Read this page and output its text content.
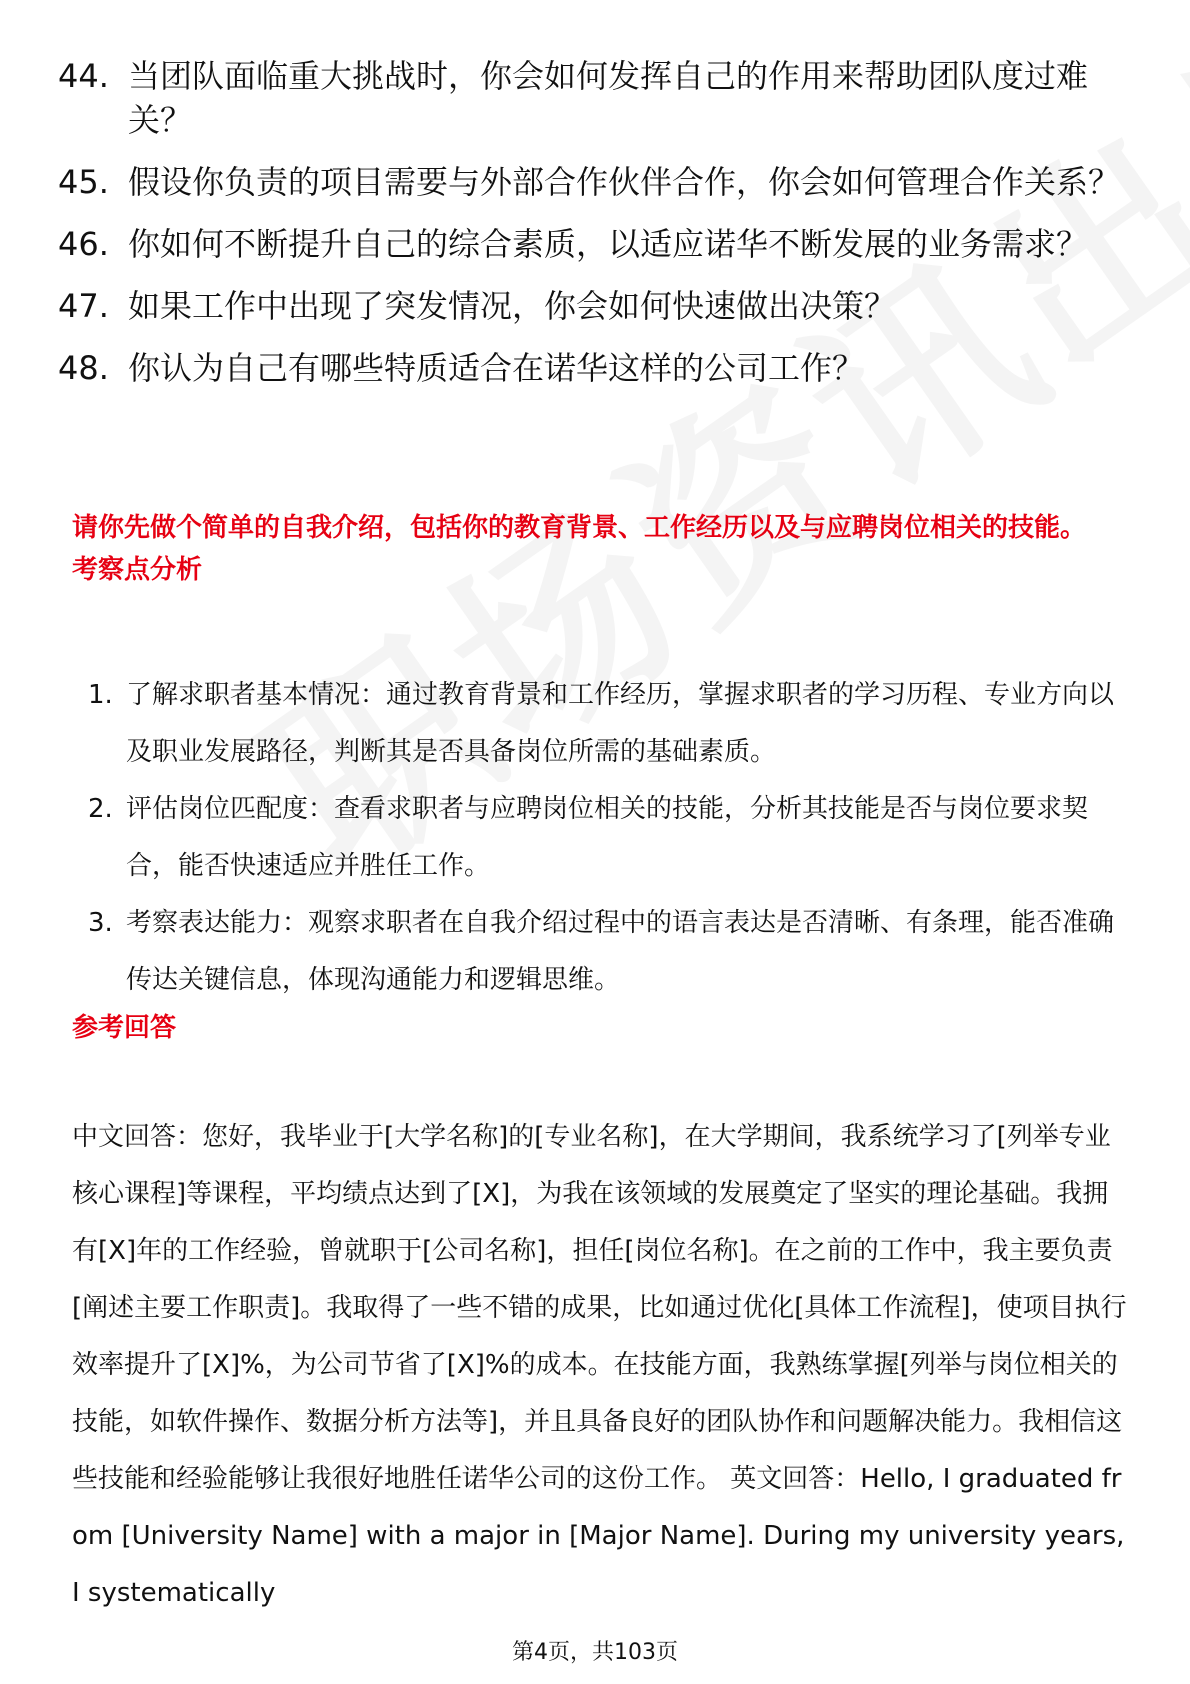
44. 当团队面临重大挑战时，你会如何发挥自己的作用来帮助团队度过难关？
45. 假设你负责的项目需要与外部合作伙伴合作，你会如何管理合作关系？
46. 你如何不断提升自己的综合素质，以适应诺华不断发展的业务需求？
47. 如果工作中出现了突发情况，你会如何快速做出决策？
48. 你认为自己有哪些特质适合在诺华这样的公司工作？
请你先做个简单的自我介绍，包括你的教育背景、工作经历以及与应聘岗位相关的技能。
考察点分析
1. 了解求职者基本情况：通过教育背景和工作经历，掌握求职者的学习历程、专业方向以及职业发展路径，判断其是否具备岗位所需的基础素质。
2. 评估岗位匹配度：查看求职者与应聘岗位相关的技能，分析其技能是否与岗位要求契合，能否快速适应并胜任工作。
3. 考察表达能力：观察求职者在自我介绍过程中的语言表达是否清晰、有条理，能否准确传达关键信息，体现沟通能力和逻辑思维。
参考回答
中文回答：您好，我毕业于[大学名称]的[专业名称]，在大学期间，我系统学习了[列举专业核心课程]等课程，平均绩点达到了[X]，为我在该领域的发展奠定了坚实的理论基础。我拥有[X]年的工作经验，曾就职于[公司名称]，担任[岗位名称]。在之前的工作中，我主要负责[阐述主要工作职责]。我取得了一些不错的成果，比如通过优化[具体工作流程]，使项目执行效率提升了[X]%，为公司节省了[X]%的成本。在技能方面，我熟练掌握[列举与岗位相关的技能，如软件操作、数据分析方法等]，并且具备良好的团队协作和问题解决能力。我相信这些技能和经验能够让我很好地胜任诺华公司的这份工作。 英文回答：Hello, I graduated from [University Name] with a major in [Major Name]. During my university years, I systematically
第4页，共103页
